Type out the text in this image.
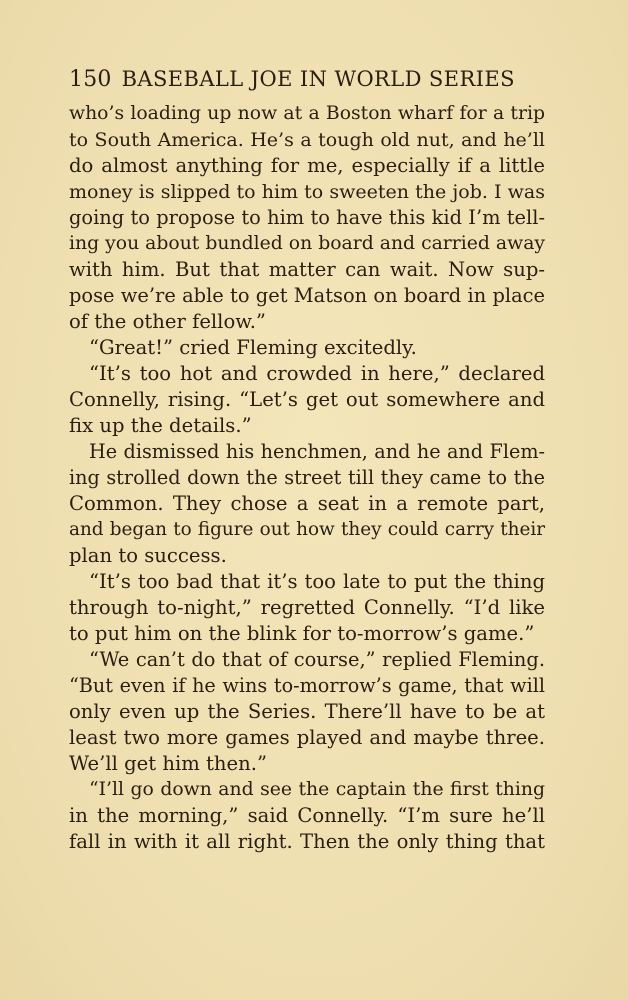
150 BASEBALL JOE IN WORLD SERIES
who’s loading up now at a Boston wharf for a trip
to South America. He’s a tough old nut, and he’ll
do almost anything for me, especially if a little
money is slipped to him to sweeten the job. I was
going to propose to him to have this kid I’m tell-
ing you about bundled on board and carried away
with him. But that matter can wait. Now sup-
pose we’re able to get Matson on board in place
of the other fellow.”
“Great!” cried Fleming excitedly.
“It’s too hot and crowded in here,” declared
Connelly, rising. “Let’s get out somewhere and
fix up the details.”
He dismissed his henchmen, and he and Flem-
ing strolled down the street till they came to the
Common. They chose a seat in a remote part,
and began to figure out how they could carry their
plan to success.
“It’s too bad that it’s too late to put the thing
through to-night,” regretted Connelly. “I’d like
to put him on the blink for to-morrow’s game.”
“We can’t do that of course,” replied Fleming.
“But even if he wins to-morrow’s game, that will
only even up the Series. There’ll have to be at
least two more games played and maybe three.
We’ll get him then.”
“I’ll go down and see the captain the first thing
in the morning,” said Connelly. “I’m sure he’ll
fall in with it all right. Then the only thing that
